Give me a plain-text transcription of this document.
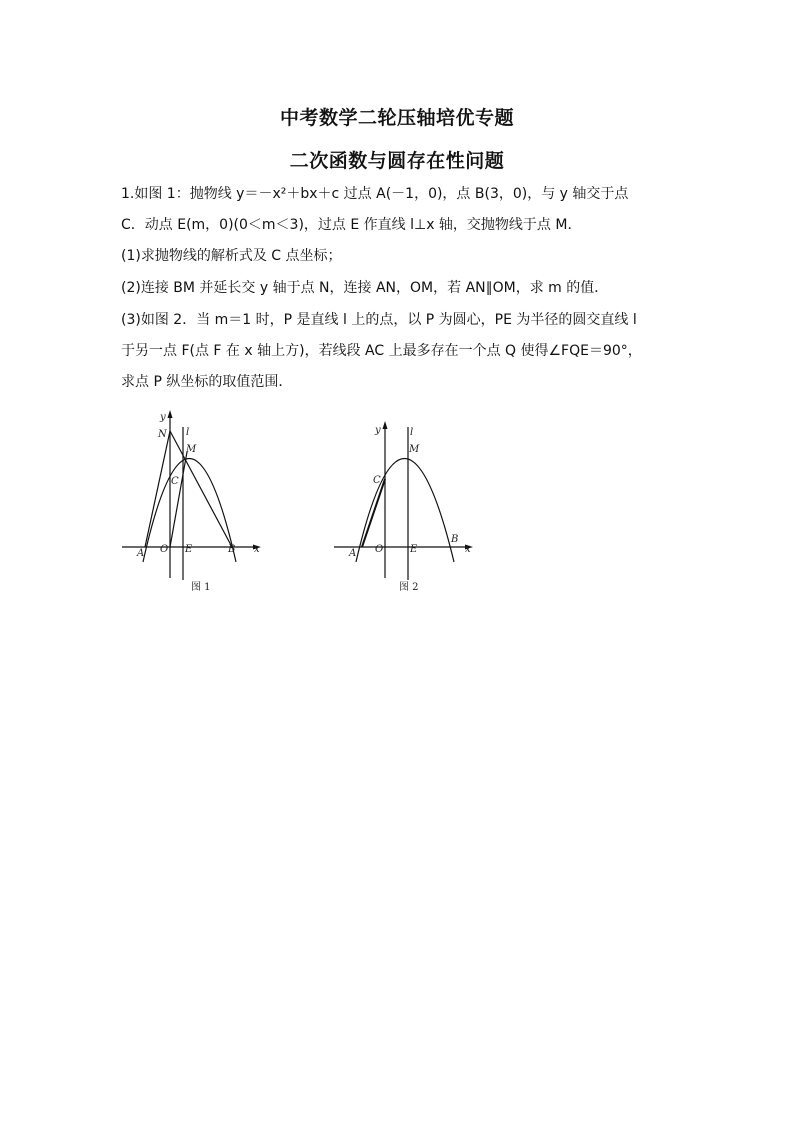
中考数学二轮压轴培优专题
二次函数与圆存在性问题
1.如图 1：抛物线 y＝－x²＋bx＋c 过点 A(－1，0)，点 B(3，0)，与 y 轴交于点
C．动点 E(m，0)(0＜m＜3)，过点 E 作直线 l⊥x 轴，交抛物线于点 M．
(1)求抛物线的解析式及 C 点坐标；
(2)连接 BM 并延长交 y 轴于点 N，连接 AN，OM，若 AN∥OM，求 m 的值．
(3)如图 2．当 m＝1 时，P 是直线 l 上的点，以 P 为圆心，PE 为半径的圆交直线 l
于另一点 F(点 F 在 x 轴上方)，若线段 AC 上最多存在一个点 Q 使得∠FQE＝90°，
求点 P 纵坐标的取值范围．
y
l
N
M
C
A O E	B x
图 1
y	l
M
C
A O	E
B
x
图 2
